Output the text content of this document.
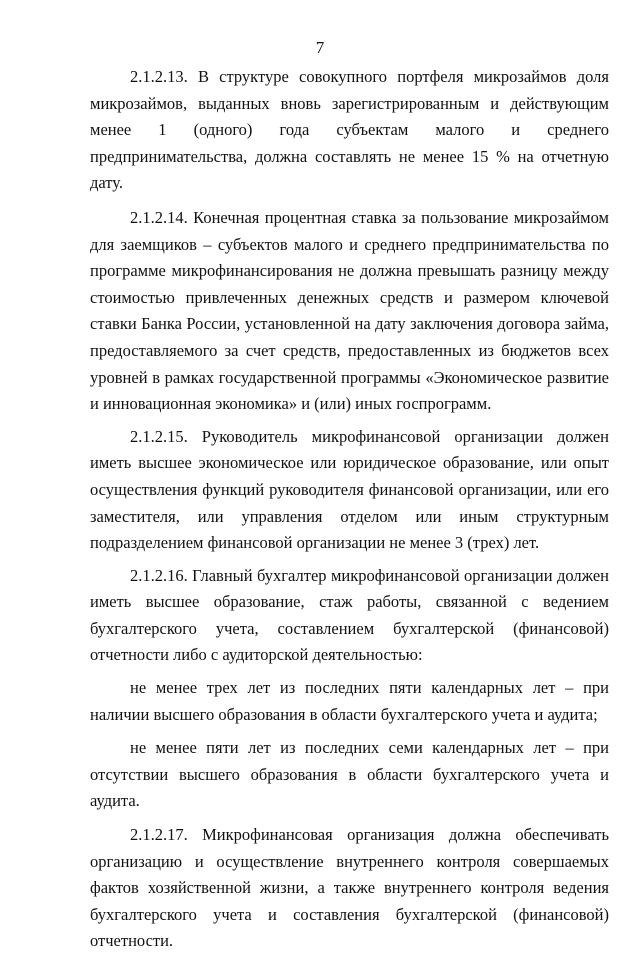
7

2.1.2.13. В структуре совокупного портфеля микрозаймов доля микрозаймов, выданных вновь зарегистрированным и действующим менее 1 (одного) года субъектам малого и среднего предпринимательства, должна составлять не менее 15 % на отчетную дату.

2.1.2.14. Конечная процентная ставка за пользование микрозаймом для заемщиков – субъектов малого и среднего предпринимательства по программе микрофинансирования не должна превышать разницу между стоимостью привлеченных денежных средств и размером ключевой ставки Банка России, установленной на дату заключения договора займа, предоставляемого за счет средств, предоставленных из бюджетов всех уровней в рамках государственной программы «Экономическое развитие и инновационная экономика» и (или) иных госпрограмм.

2.1.2.15. Руководитель микрофинансовой организации должен иметь высшее экономическое или юридическое образование, или опыт осуществления функций руководителя финансовой организации, или его заместителя, или управления отделом или иным структурным подразделением финансовой организации не менее 3 (трех) лет.

2.1.2.16. Главный бухгалтер микрофинансовой организации должен иметь высшее образование, стаж работы, связанной с ведением бухгалтерского учета, составлением бухгалтерской (финансовой) отчетности либо с аудиторской деятельностью:

не менее трех лет из последних пяти календарных лет – при наличии высшего образования в области бухгалтерского учета и аудита;

не менее пяти лет из последних семи календарных лет – при отсутствии высшего образования в области бухгалтерского учета и аудита.

2.1.2.17. Микрофинансовая организация должна обеспечивать организацию и осуществление внутреннего контроля совершаемых фактов хозяйственной жизни, а также внутреннего контроля ведения бухгалтерского учета и составления бухгалтерской (финансовой) отчетности.
